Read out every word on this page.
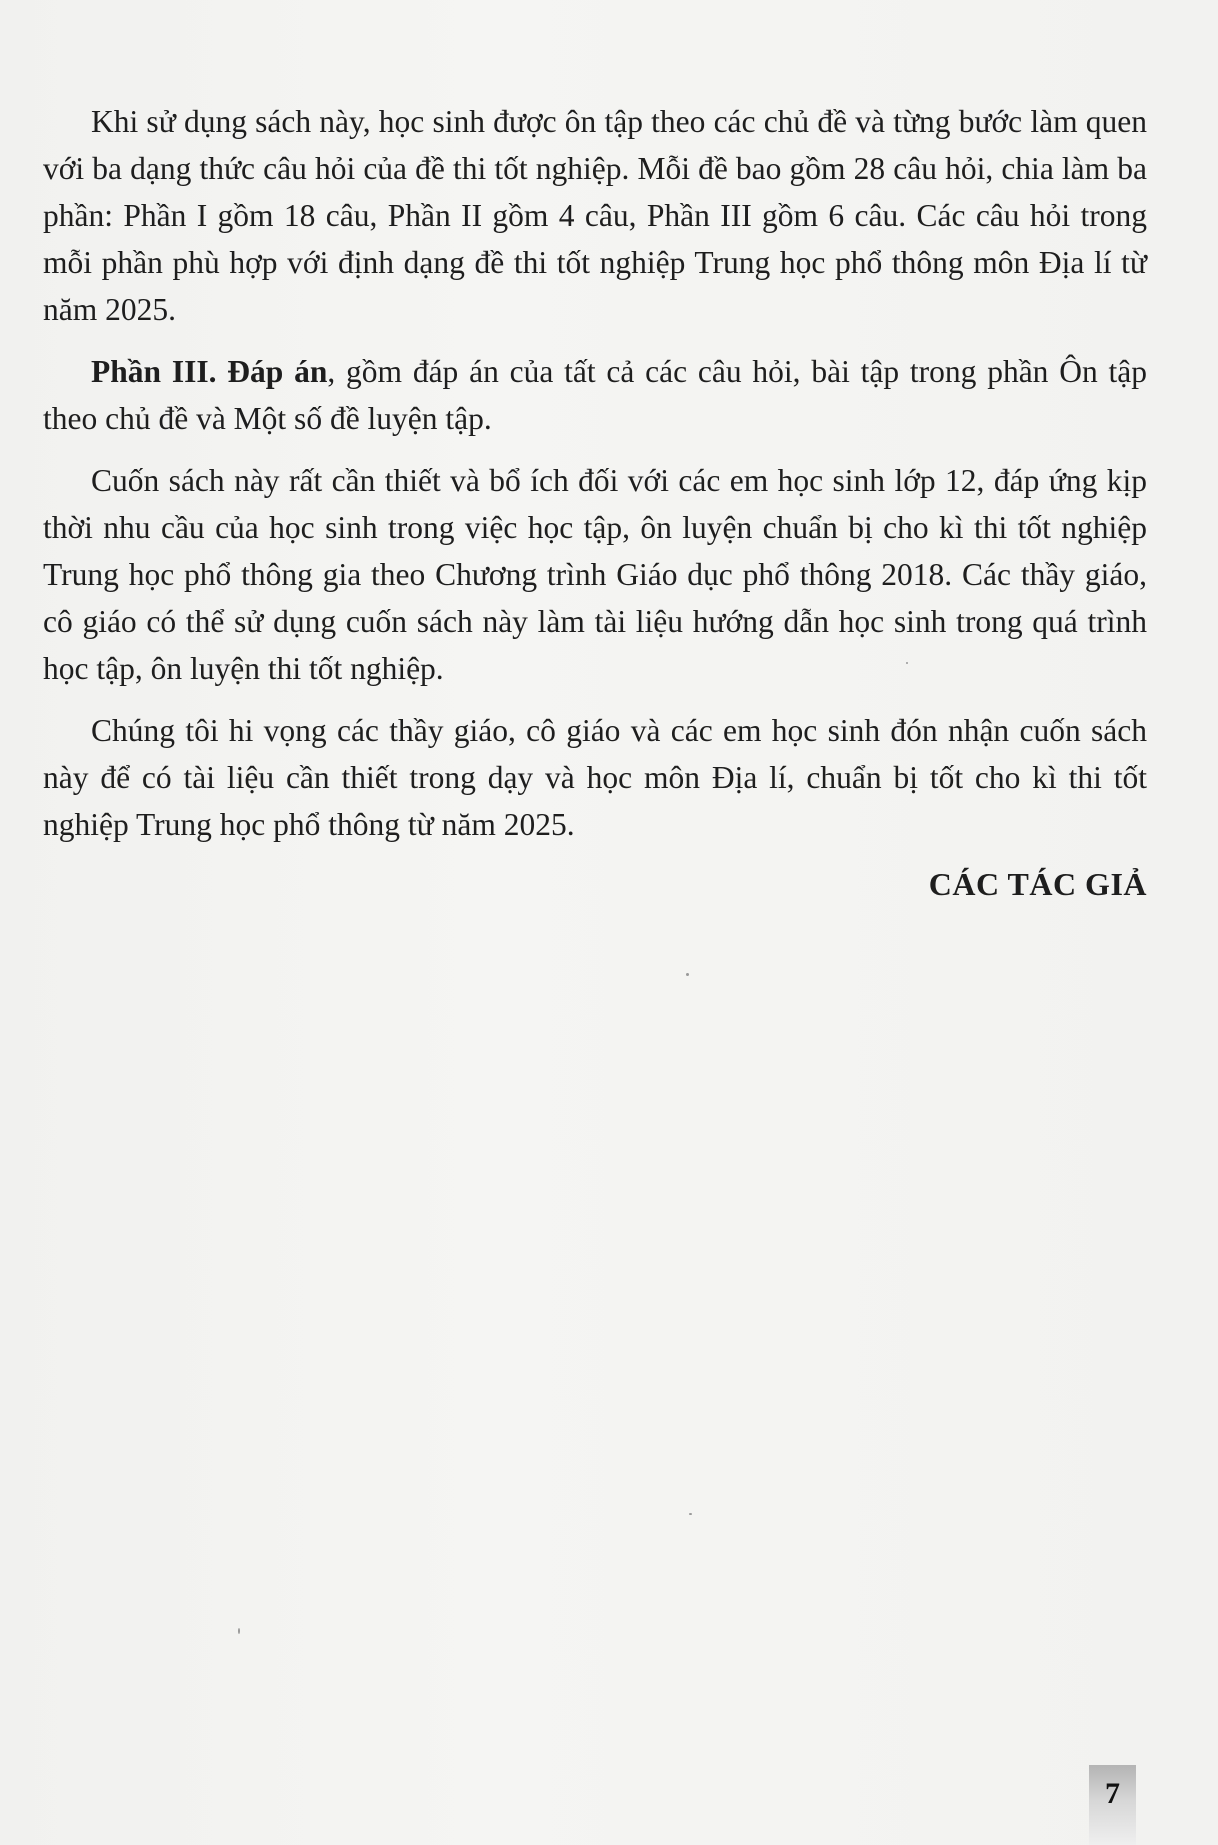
Khi sử dụng sách này, học sinh được ôn tập theo các chủ đề và từng bước làm quen với ba dạng thức câu hỏi của đề thi tốt nghiệp. Mỗi đề bao gồm 28 câu hỏi, chia làm ba phần: Phần I gồm 18 câu, Phần II gồm 4 câu, Phần III gồm 6 câu. Các câu hỏi trong mỗi phần phù hợp với định dạng đề thi tốt nghiệp Trung học phổ thông môn Địa lí từ năm 2025.

Phần III. Đáp án, gồm đáp án của tất cả các câu hỏi, bài tập trong phần Ôn tập theo chủ đề và Một số đề luyện tập.

Cuốn sách này rất cần thiết và bổ ích đối với các em học sinh lớp 12, đáp ứng kịp thời nhu cầu của học sinh trong việc học tập, ôn luyện chuẩn bị cho kì thi tốt nghiệp Trung học phổ thông gia theo Chương trình Giáo dục phổ thông 2018. Các thầy giáo, cô giáo có thể sử dụng cuốn sách này làm tài liệu hướng dẫn học sinh trong quá trình học tập, ôn luyện thi tốt nghiệp.

Chúng tôi hi vọng các thầy giáo, cô giáo và các em học sinh đón nhận cuốn sách này để có tài liệu cần thiết trong dạy và học môn Địa lí, chuẩn bị tốt cho kì thi tốt nghiệp Trung học phổ thông từ năm 2025.

CÁC TÁC GIẢ
7
